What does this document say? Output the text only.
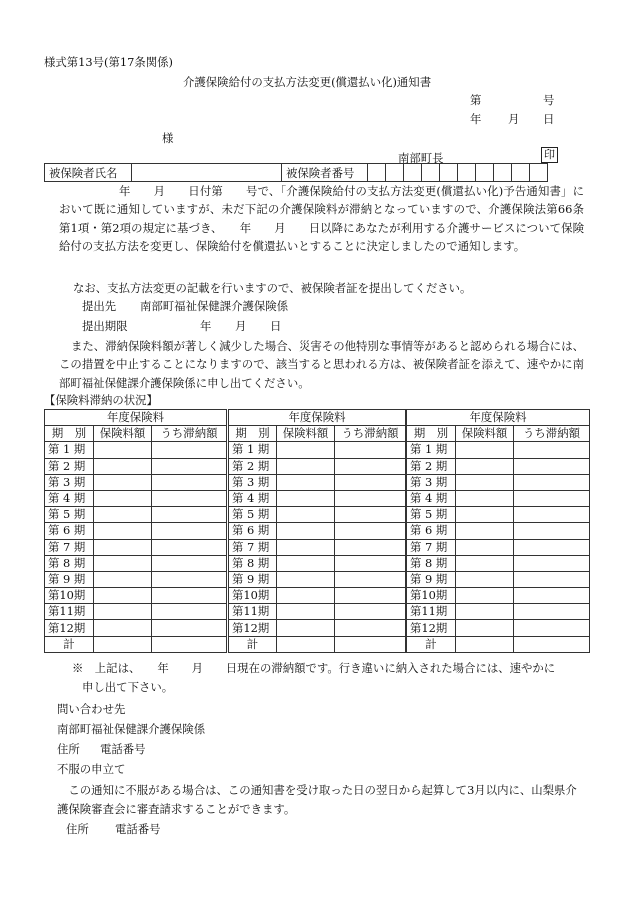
様式第13号(第17条関係)
介護保険給付の支払方法変更(償還払い化)通知書
第	号
年 月 日
様
南部町長	印
被保険者氏名		被保険者番号										
年　　月　　日付第　　号で、「介護保険給付の支払方法変更(償還払い化)予告通知書」において既に通知していますが、未だ下記の介護保険料が滞納となっていますので、介護保険法第66条第1項・第2項の規定に基づき、　　年　　月　　日以降にあなたが利用する介護サービスについて保険給付の支払方法を変更し、保険給付を償還払いとすることに決定しましたので通知します。
なお、支払方法変更の記載を行いますので、被保険者証を提出してください。
提出先 南部町福祉保健課介護保険係
提出期限	年 月 日
また、滞納保険料額が著しく減少した場合、災害その他特別な事情等があると認められる場合には、この措置を中止することになりますので、該当すると思われる方は、被保険者証を添えて、速やかに南部町福祉保健課介護保険係に申し出てください。
【保険料滞納の状況】
年度保険料		
期　別	保険料額	うち滞納額
第 1 期		
第 2 期		
第 3 期		
第 4 期		
第 5 期		
第 6 期		
第 7 期		
第 8 期		
第 9 期		
第10期		
第11期		
第12期		
計		
年度保険料		
期　別	保険料額	うち滞納額
第 1 期		
第 2 期		
第 3 期		
第 4 期		
第 5 期		
第 6 期		
第 7 期		
第 8 期		
第 9 期		
第10期		
第11期		
第12期		
計		
年度保険料		
期　別	保険料額	うち滞納額
第 1 期		
第 2 期		
第 3 期		
第 4 期		
第 5 期		
第 6 期		
第 7 期		
第 8 期		
第 9 期		
第10期		
第11期		
第12期		
計		
※　上記は、　　年　　月　　日現在の滞納額です。行き違いに納入された場合には、速やかに
申し出て下さい。
問い合わせ先
南部町福祉保健課介護保険係
住所 電話番号
不服の申立て
　この通知に不服がある場合は、この通知書を受け取った日の翌日から起算して3月以内に、山梨県介護保険審査会に審査請求することができます。
住所 電話番号
